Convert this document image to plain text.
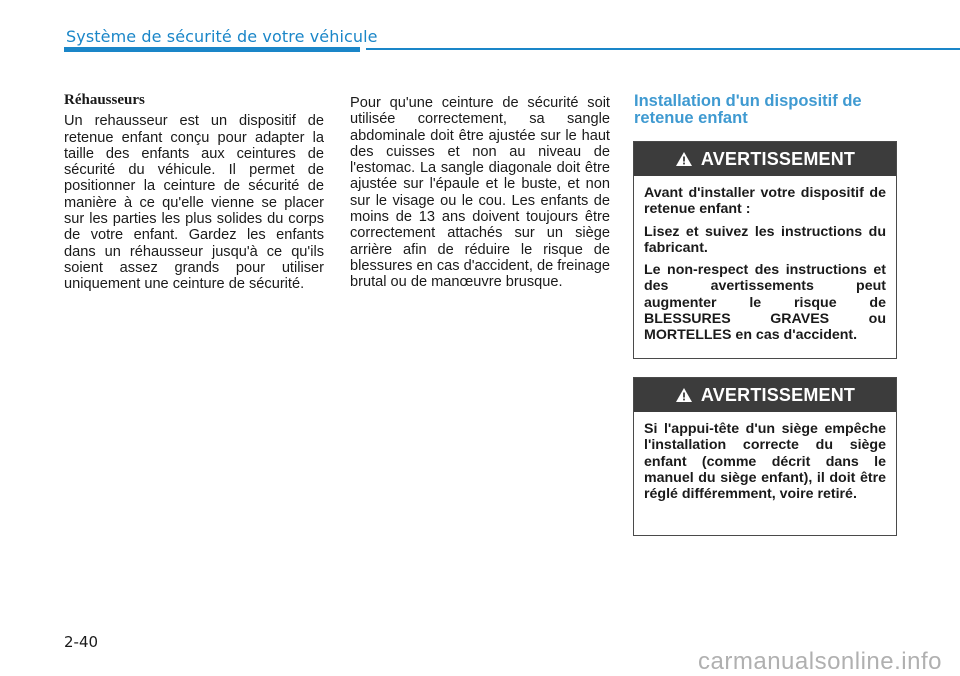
Système de sécurité de votre véhicule
Réhausseurs

Un rehausseur est un dispositif de retenue enfant conçu pour adapter la taille des enfants aux ceintures de sécurité du véhicule. Il permet de positionner la ceinture de sécurité de manière à ce qu'elle vienne se placer sur les parties les plus solides du corps de votre enfant. Gardez les enfants dans un réhausseur jusqu'à ce qu'ils soient assez grands pour utiliser uniquement une ceinture de sécurité.

Pour qu'une ceinture de sécurité soit utilisée correctement, sa sangle abdominale doit être ajustée sur le haut des cuisses et non au niveau de l'estomac. La sangle diagonale doit être ajustée sur l'épaule et le buste, et non sur le visage ou le cou. Les enfants de moins de 13 ans doivent toujours être correctement attachés sur un siège arrière afin de réduire le risque de blessures en cas d'accident, de freinage brutal ou de manœuvre brusque.

Installation d'un dispositif de retenue enfant
AVERTISSEMENT

Avant d'installer votre dispositif de retenue enfant :

Lisez et suivez les instructions du fabricant.

Le non-respect des instructions et des avertissements peut augmenter le risque de BLESSURES GRAVES ou MORTELLES en cas d'accident.

AVERTISSEMENT

Si l'appui-tête d'un siège empêche l'installation correcte du siège enfant (comme décrit dans le manuel du siège enfant), il doit être réglé différemment, voire retiré.

2-40
carmanualsonline.info
